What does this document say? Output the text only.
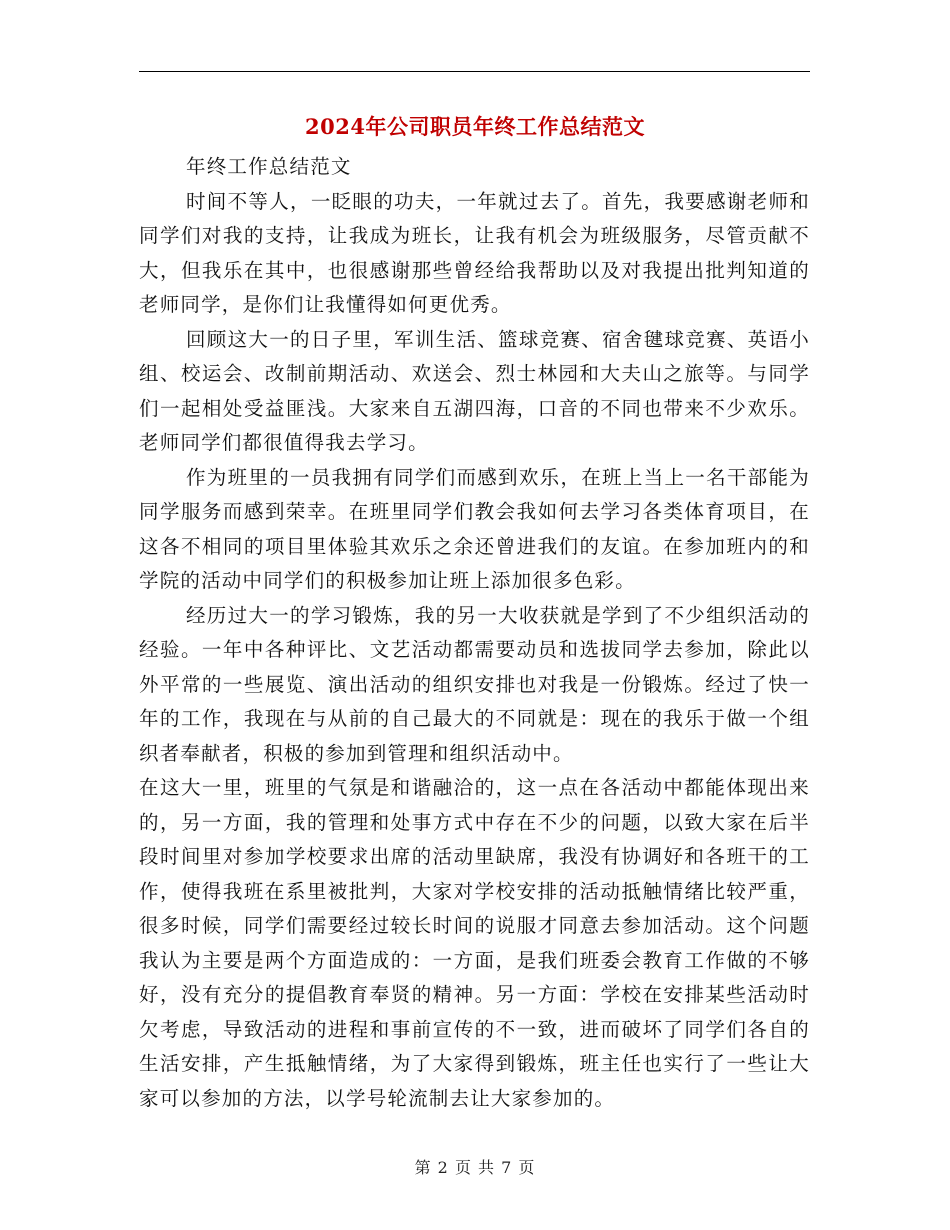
2024年公司职员年终工作总结范文

年终工作总结范文

时间不等人，一眨眼的功夫，一年就过去了。首先，我要感谢老师和同学们对我的支持，让我成为班长，让我有机会为班级服务，尽管贡献不大，但我乐在其中，也很感谢那些曾经给我帮助以及对我提出批判知道的老师同学，是你们让我懂得如何更优秀。

回顾这大一的日子里，军训生活、篮球竞赛、宿舍毽球竞赛、英语小组、校运会、改制前期活动、欢送会、烈士林园和大夫山之旅等。与同学们一起相处受益匪浅。大家来自五湖四海，口音的不同也带来不少欢乐。老师同学们都很值得我去学习。

作为班里的一员我拥有同学们而感到欢乐，在班上当上一名干部能为同学服务而感到荣幸。在班里同学们教会我如何去学习各类体育项目，在这各不相同的项目里体验其欢乐之余还曾进我们的友谊。在参加班内的和学院的活动中同学们的积极参加让班上添加很多色彩。

经历过大一的学习锻炼，我的另一大收获就是学到了不少组织活动的经验。一年中各种评比、文艺活动都需要动员和选拔同学去参加，除此以外平常的一些展览、演出活动的组织安排也对我是一份锻炼。经过了快一年的工作，我现在与从前的自己最大的不同就是：现在的我乐于做一个组织者奉献者，积极的参加到管理和组织活动中。

在这大一里，班里的气氛是和谐融洽的，这一点在各活动中都能体现出来的，另一方面，我的管理和处事方式中存在不少的问题，以致大家在后半段时间里对参加学校要求出席的活动里缺席，我没有协调好和各班干的工作，使得我班在系里被批判，大家对学校安排的活动抵触情绪比较严重，很多时候，同学们需要经过较长时间的说服才同意去参加活动。这个问题我认为主要是两个方面造成的：一方面，是我们班委会教育工作做的不够好，没有充分的提倡教育奉贤的精神。另一方面：学校在安排某些活动时欠考虑，导致活动的进程和事前宣传的不一致，进而破坏了同学们各自的生活安排，产生抵触情绪，为了大家得到锻炼，班主任也实行了一些让大家可以参加的方法，以学号轮流制去让大家参加的。

第 2 页 共 7 页
